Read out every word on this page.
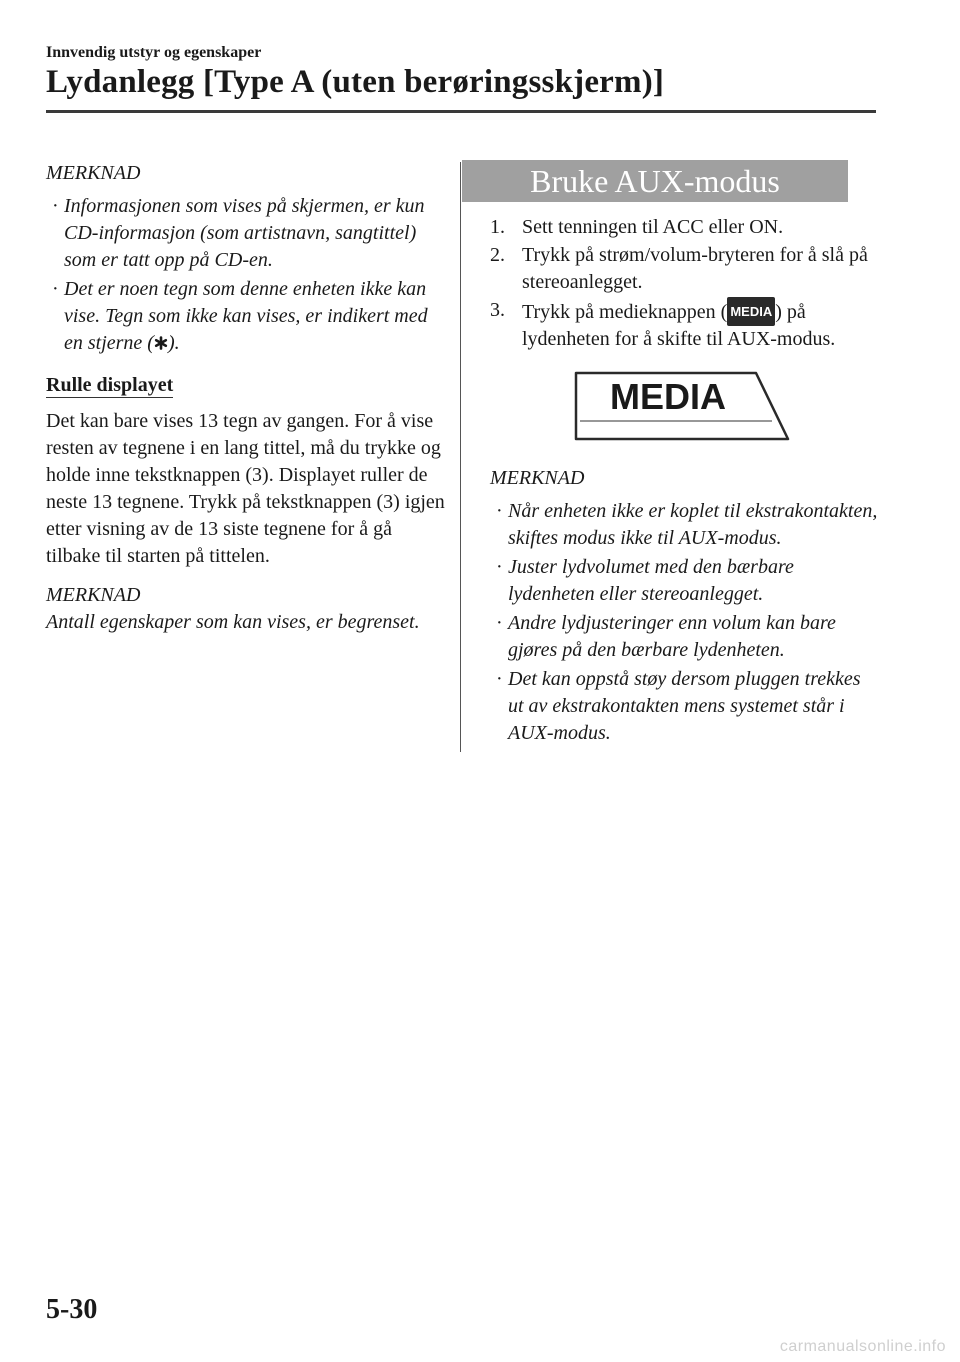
Innvendig utstyr og egenskaper
Lydanlegg [Type A (uten berøringsskjerm)]
MERKNAD
· Informasjonen som vises på skjermen, er kun CD-informasjon (som artistnavn, sangtittel) som er tatt opp på CD-en.
· Det er noen tegn som denne enheten ikke kan vise. Tegn som ikke kan vises, er indikert med en stjerne ( ).
Rulle displayet

Det kan bare vises 13 tegn av gangen. For å vise resten av tegnene i en lang tittel, må du trykke og holde inne tekstknappen (3). Displayet ruller de neste 13 tegnene. Trykk på tekstknappen (3) igjen etter visning av de 13 siste tegnene for å gå tilbake til starten på tittelen.

MERKNAD

Antall egenskaper som kan vises, er begrenset.

Bruke AUX-modus
1. Sett tenningen til ACC eller ON.
2. Trykk på strøm/volum-bryteren for å slå på stereoanlegget.
3. Trykk på medieknappen ( MEDIA ) på lydenheten for å skifte til AUX-modus.
MEDIA
MERKNAD
· Når enheten ikke er koplet til ekstrakontakten, skiftes modus ikke til AUX-modus.
· Juster lydvolumet med den bærbare lydenheten eller stereoanlegget.
· Andre lydjusteringer enn volum kan bare gjøres på den bærbare lydenheten.
· Det kan oppstå støy dersom pluggen trekkes ut av ekstrakontakten mens systemet står i AUX-modus.
5-30
carmanualsonline.info
